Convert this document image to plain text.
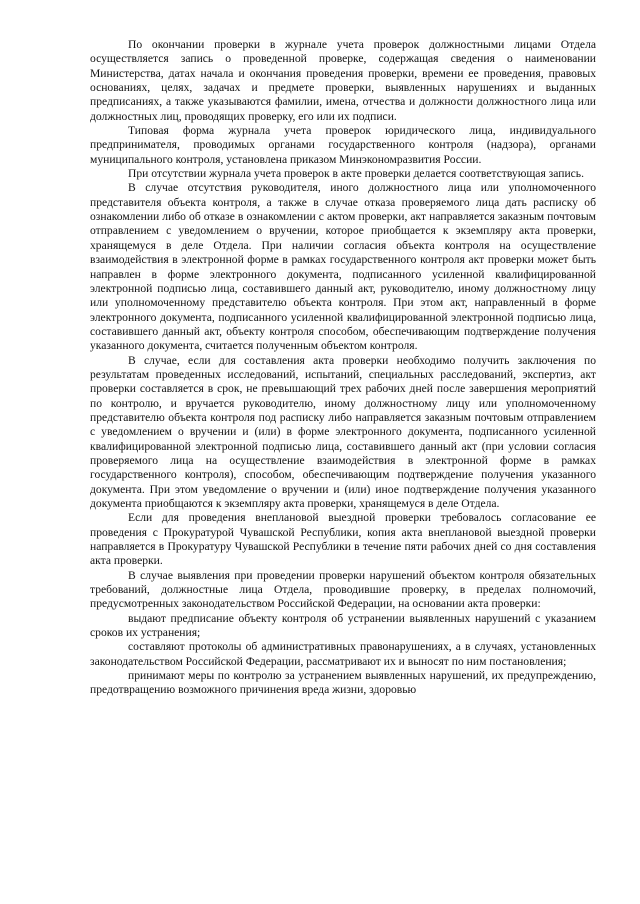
По окончании проверки в журнале учета проверок должностными лицами Отдела осуществляется запись о проведенной проверке, содержащая сведения о наименовании Министерства, датах начала и окончания проведения проверки, времени ее проведения, правовых основаниях, целях, задачах и предмете проверки, выявленных нарушениях и выданных предписаниях, а также указываются фамилии, имена, отчества и должности должностного лица или должностных лиц, проводящих проверку, его или их подписи.

Типовая форма журнала учета проверок юридического лица, индивидуального предпринимателя, проводимых органами государственного контроля (надзора), органами муниципального контроля, установлена приказом Минэкономразвития России.

При отсутствии журнала учета проверок в акте проверки делается соответствующая запись.

В случае отсутствия руководителя, иного должностного лица или уполномоченного представителя объекта контроля, а также в случае отказа проверяемого лица дать расписку об ознакомлении либо об отказе в ознакомлении с актом проверки, акт направляется заказным почтовым отправлением с уведомлением о вручении, которое приобщается к экземпляру акта проверки, хранящемуся в деле Отдела. При наличии согласия объекта контроля на осуществление взаимодействия в электронной форме в рамках государственного контроля акт проверки может быть направлен в форме электронного документа, подписанного усиленной квалифицированной электронной подписью лица, составившего данный акт, руководителю, иному должностному лицу или уполномоченному представителю объекта контроля. При этом акт, направленный в форме электронного документа, подписанного усиленной квалифицированной электронной подписью лица, составившего данный акт, объекту контроля способом, обеспечивающим подтверждение получения указанного документа, считается полученным объектом контроля.

В случае, если для составления акта проверки необходимо получить заключения по результатам проведенных исследований, испытаний, специальных расследований, экспертиз, акт проверки составляется в срок, не превышающий трех рабочих дней после завершения мероприятий по контролю, и вручается руководителю, иному должностному лицу или уполномоченному представителю объекта контроля под расписку либо направляется заказным почтовым отправлением с уведомлением о вручении и (или) в форме электронного документа, подписанного усиленной квалифицированной электронной подписью лица, составившего данный акт (при условии согласия проверяемого лица на осуществление взаимодействия в электронной форме в рамках государственного контроля), способом, обеспечивающим подтверждение получения указанного документа. При этом уведомление о вручении и (или) иное подтверждение получения указанного документа приобщаются к экземпляру акта проверки, хранящемуся в деле Отдела.

Если для проведения внеплановой выездной проверки требовалось согласование ее проведения с Прокуратурой Чувашской Республики, копия акта внеплановой выездной проверки направляется в Прокуратуру Чувашской Республики в течение пяти рабочих дней со дня составления акта проверки.

В случае выявления при проведении проверки нарушений объектом контроля обязательных требований, должностные лица Отдела, проводившие проверку, в пределах полномочий, предусмотренных законодательством Российской Федерации, на основании акта проверки:

выдают предписание объекту контроля об устранении выявленных нарушений с указанием сроков их устранения;

составляют протоколы об административных правонарушениях, а в случаях, установленных законодательством Российской Федерации, рассматривают их и выносят по ним постановления;

принимают меры по контролю за устранением выявленных нарушений, их предупреждению, предотвращению возможного причинения вреда жизни, здоровью
